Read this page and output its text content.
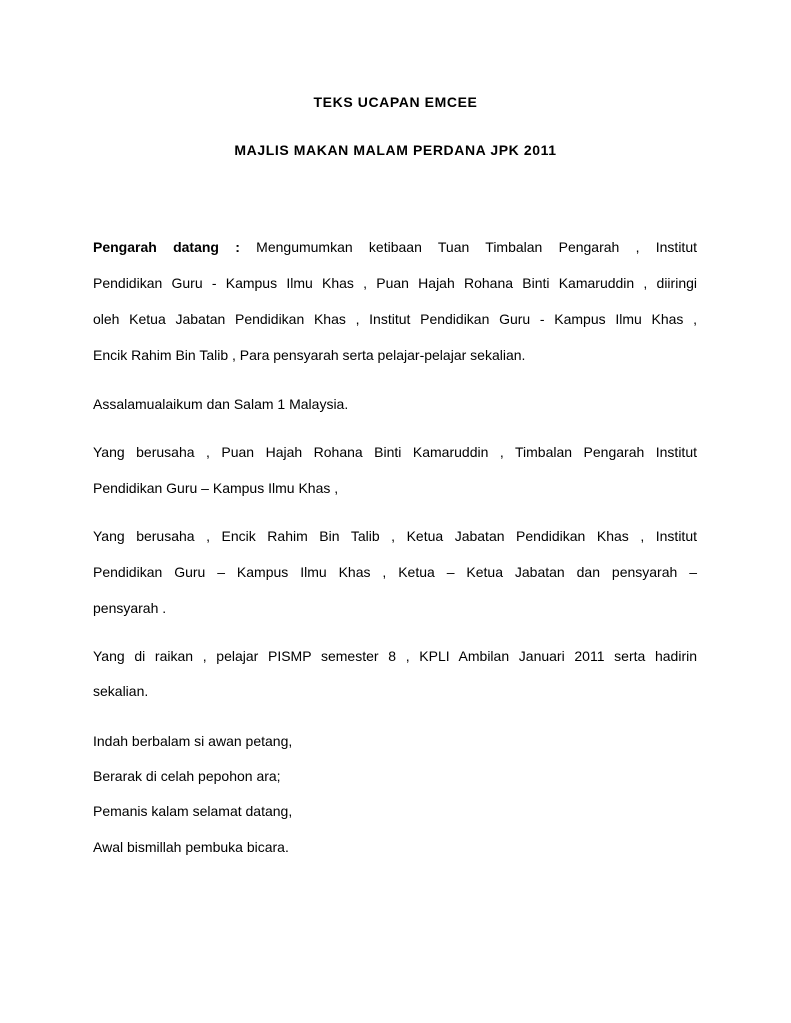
TEKS UCAPAN EMCEE
MAJLIS MAKAN MALAM PERDANA JPK 2011
Pengarah datang : Mengumumkan ketibaan Tuan Timbalan Pengarah , Institut
Pendidikan Guru - Kampus Ilmu Khas , Puan Hajah Rohana Binti Kamaruddin , diiringi
oleh Ketua Jabatan Pendidikan Khas , Institut Pendidikan Guru - Kampus Ilmu Khas ,
Encik Rahim Bin Talib , Para pensyarah serta pelajar-pelajar sekalian.
Assalamualaikum dan Salam 1 Malaysia.
Yang berusaha , Puan Hajah Rohana Binti Kamaruddin , Timbalan Pengarah Institut
Pendidikan Guru – Kampus Ilmu Khas ,
Yang berusaha , Encik Rahim Bin Talib , Ketua Jabatan Pendidikan Khas , Institut
Pendidikan Guru – Kampus Ilmu Khas , Ketua – Ketua Jabatan dan pensyarah –
pensyarah .
Yang di raikan , pelajar PISMP semester 8 , KPLI Ambilan Januari 2011 serta hadirin
sekalian.
Indah berbalam si awan petang,
Berarak di celah pepohon ara;
Pemanis kalam selamat datang,
Awal bismillah pembuka bicara.
